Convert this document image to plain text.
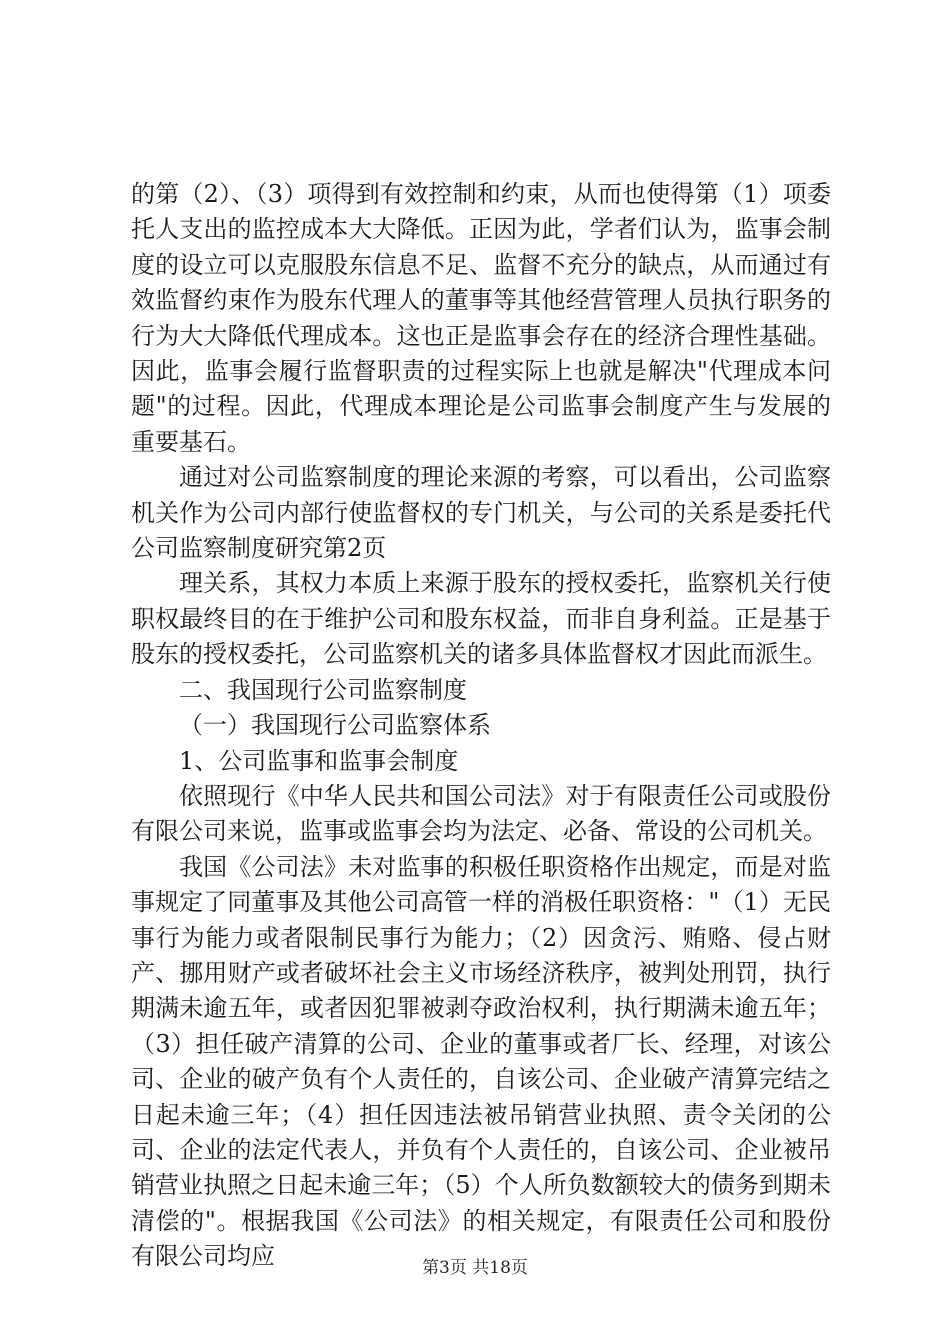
的第（2）、（3）项得到有效控制和约束，从而也使得第（1）项委托人支出的监控成本大大降低。正因为此，学者们认为，监事会制度的设立可以克服股东信息不足、监督不充分的缺点，从而通过有效监督约束作为股东代理人的董事等其他经营管理人员执行职务的行为大大降低代理成本。这也正是监事会存在的经济合理性基础。因此，监事会履行监督职责的过程实际上也就是解决"代理成本问题"的过程。因此，代理成本理论是公司监事会制度产生与发展的重要基石。

通过对公司监察制度的理论来源的考察，可以看出，公司监察机关作为公司内部行使监督权的专门机关，与公司的关系是委托代公司监察制度研究第2页

理关系，其权力本质上来源于股东的授权委托，监察机关行使职权最终目的在于维护公司和股东权益，而非自身利益。正是基于股东的授权委托，公司监察机关的诸多具体监督权才因此而派生。

二、我国现行公司监察制度

（一）我国现行公司监察体系

1、公司监事和监事会制度

依照现行《中华人民共和国公司法》对于有限责任公司或股份有限公司来说，监事或监事会均为法定、必备、常设的公司机关。

我国《公司法》未对监事的积极任职资格作出规定，而是对监事规定了同董事及其他公司高管一样的消极任职资格："（1）无民事行为能力或者限制民事行为能力；（2）因贪污、贿赂、侵占财产、挪用财产或者破坏社会主义市场经济秩序，被判处刑罚，执行期满未逾五年，或者因犯罪被剥夺政治权利，执行期满未逾五年；（3）担任破产清算的公司、企业的董事或者厂长、经理，对该公司、企业的破产负有个人责任的，自该公司、企业破产清算完结之日起未逾三年；（4）担任因违法被吊销营业执照、责令关闭的公司、企业的法定代表人，并负有个人责任的，自该公司、企业被吊销营业执照之日起未逾三年；（5）个人所负数额较大的债务到期未清偿的"。根据我国《公司法》的相关规定，有限责任公司和股份有限公司均应	第3页 共18页
